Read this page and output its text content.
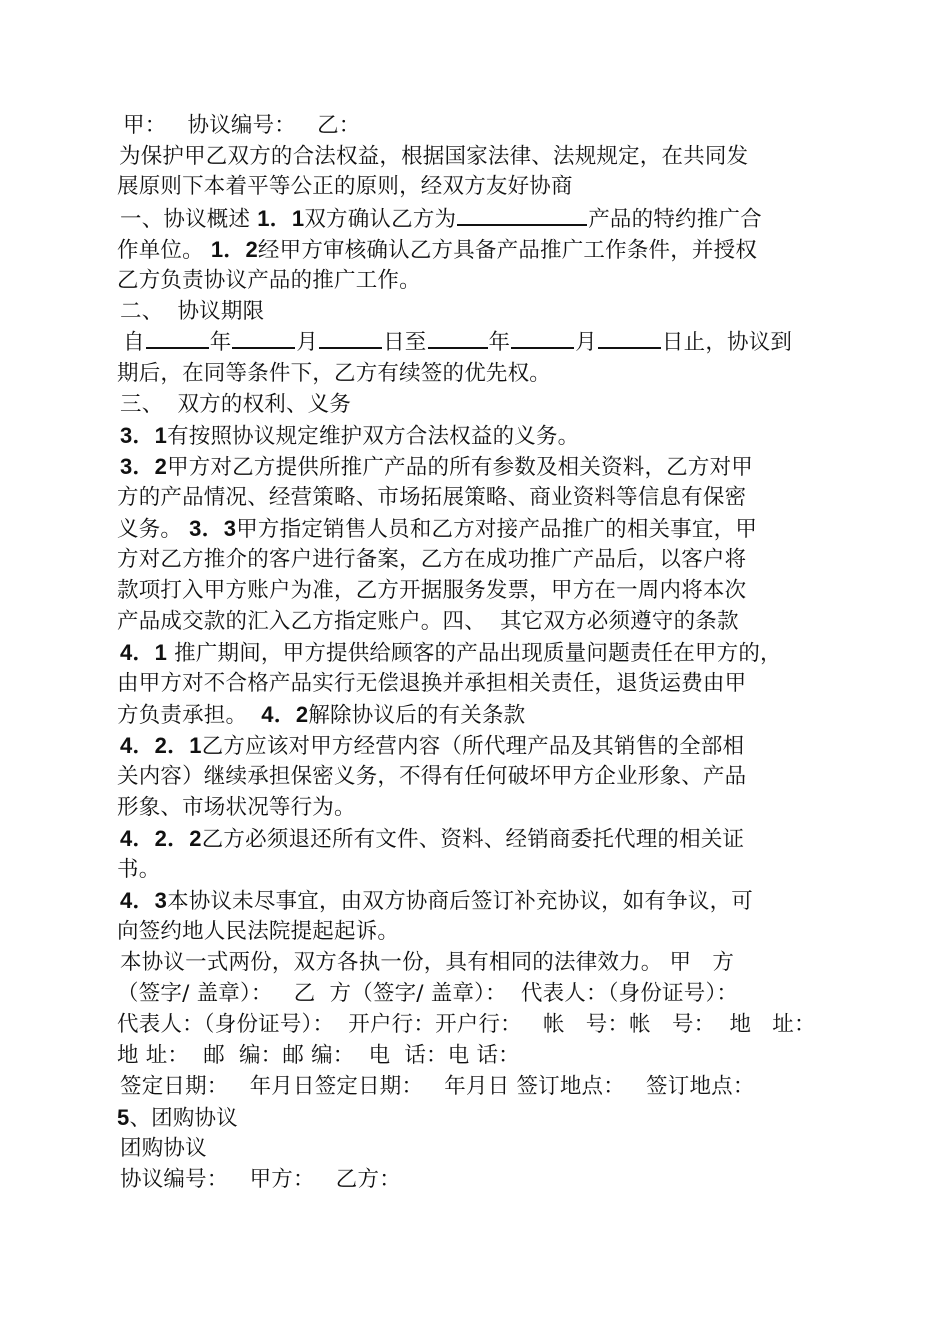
甲：   协议编号：   乙：
为保护甲乙双方的合法权益，根据国家法律、法规规定，在共同发
展原则下本着平等公正的原则，经双方友好协商
一、协议概述 1．1双方确认乙方为	产品的特约推广合
作单位。 1．2经甲方审核确认乙方具备产品推广工作条件，并授权
乙方负责协议产品的推广工作。
二、  协议期限
自	年	月	日至	年	月	日止，协议到
期后，在同等条件下，乙方有续签的优先权。
三、  双方的权利、义务
3．1有按照协议规定维护双方合法权益的义务。
3．2甲方对乙方提供所推广产品的所有参数及相关资料，乙方对甲
方的产品情况、经营策略、市场拓展策略、商业资料等信息有保密
义务。 3．3甲方指定销售人员和乙方对接产品推广的相关事宜，甲
方对乙方推介的客户进行备案，乙方在成功推广产品后，以客户将
款项打入甲方账户为准，乙方开据服务发票，甲方在一周内将本次
产品成交款的汇入乙方指定账户。四、  其它双方必须遵守的条款
4．1 推广期间，甲方提供给顾客的产品出现质量问题责任在甲方的，
由甲方对不合格产品实行无偿退换并承担相关责任，退货运费由甲
方负责承担。  4．2解除协议后的有关条款
4．2．1乙方应该对甲方经营内容（所代理产品及其销售的全部相
关内容）继续承担保密义务，不得有任何破坏甲方企业形象、产品
形象、市场状况等行为。
4．2．2乙方必须退还所有文件、资料、经销商委托代理的相关证
书。
4．3本协议未尽事宜，由双方协商后签订补充协议，如有争议，可
向签约地人民法院提起起诉。
本协议一式两份，双方各执一份，具有相同的法律效力。 甲   方
（签字/ 盖章）：   乙  方（签字/ 盖章）：  代表人：（身份证号）：
代表人：（身份证号）：  开户行：开户行：   帐   号：帐   号：  地   址：
地 址：  邮  编：邮 编：  电  话：电 话：
签定日期：   年月日签定日期：   年月日 签订地点：   签订地点：
5、团购协议
团购协议
协议编号：   甲方：   乙方：
